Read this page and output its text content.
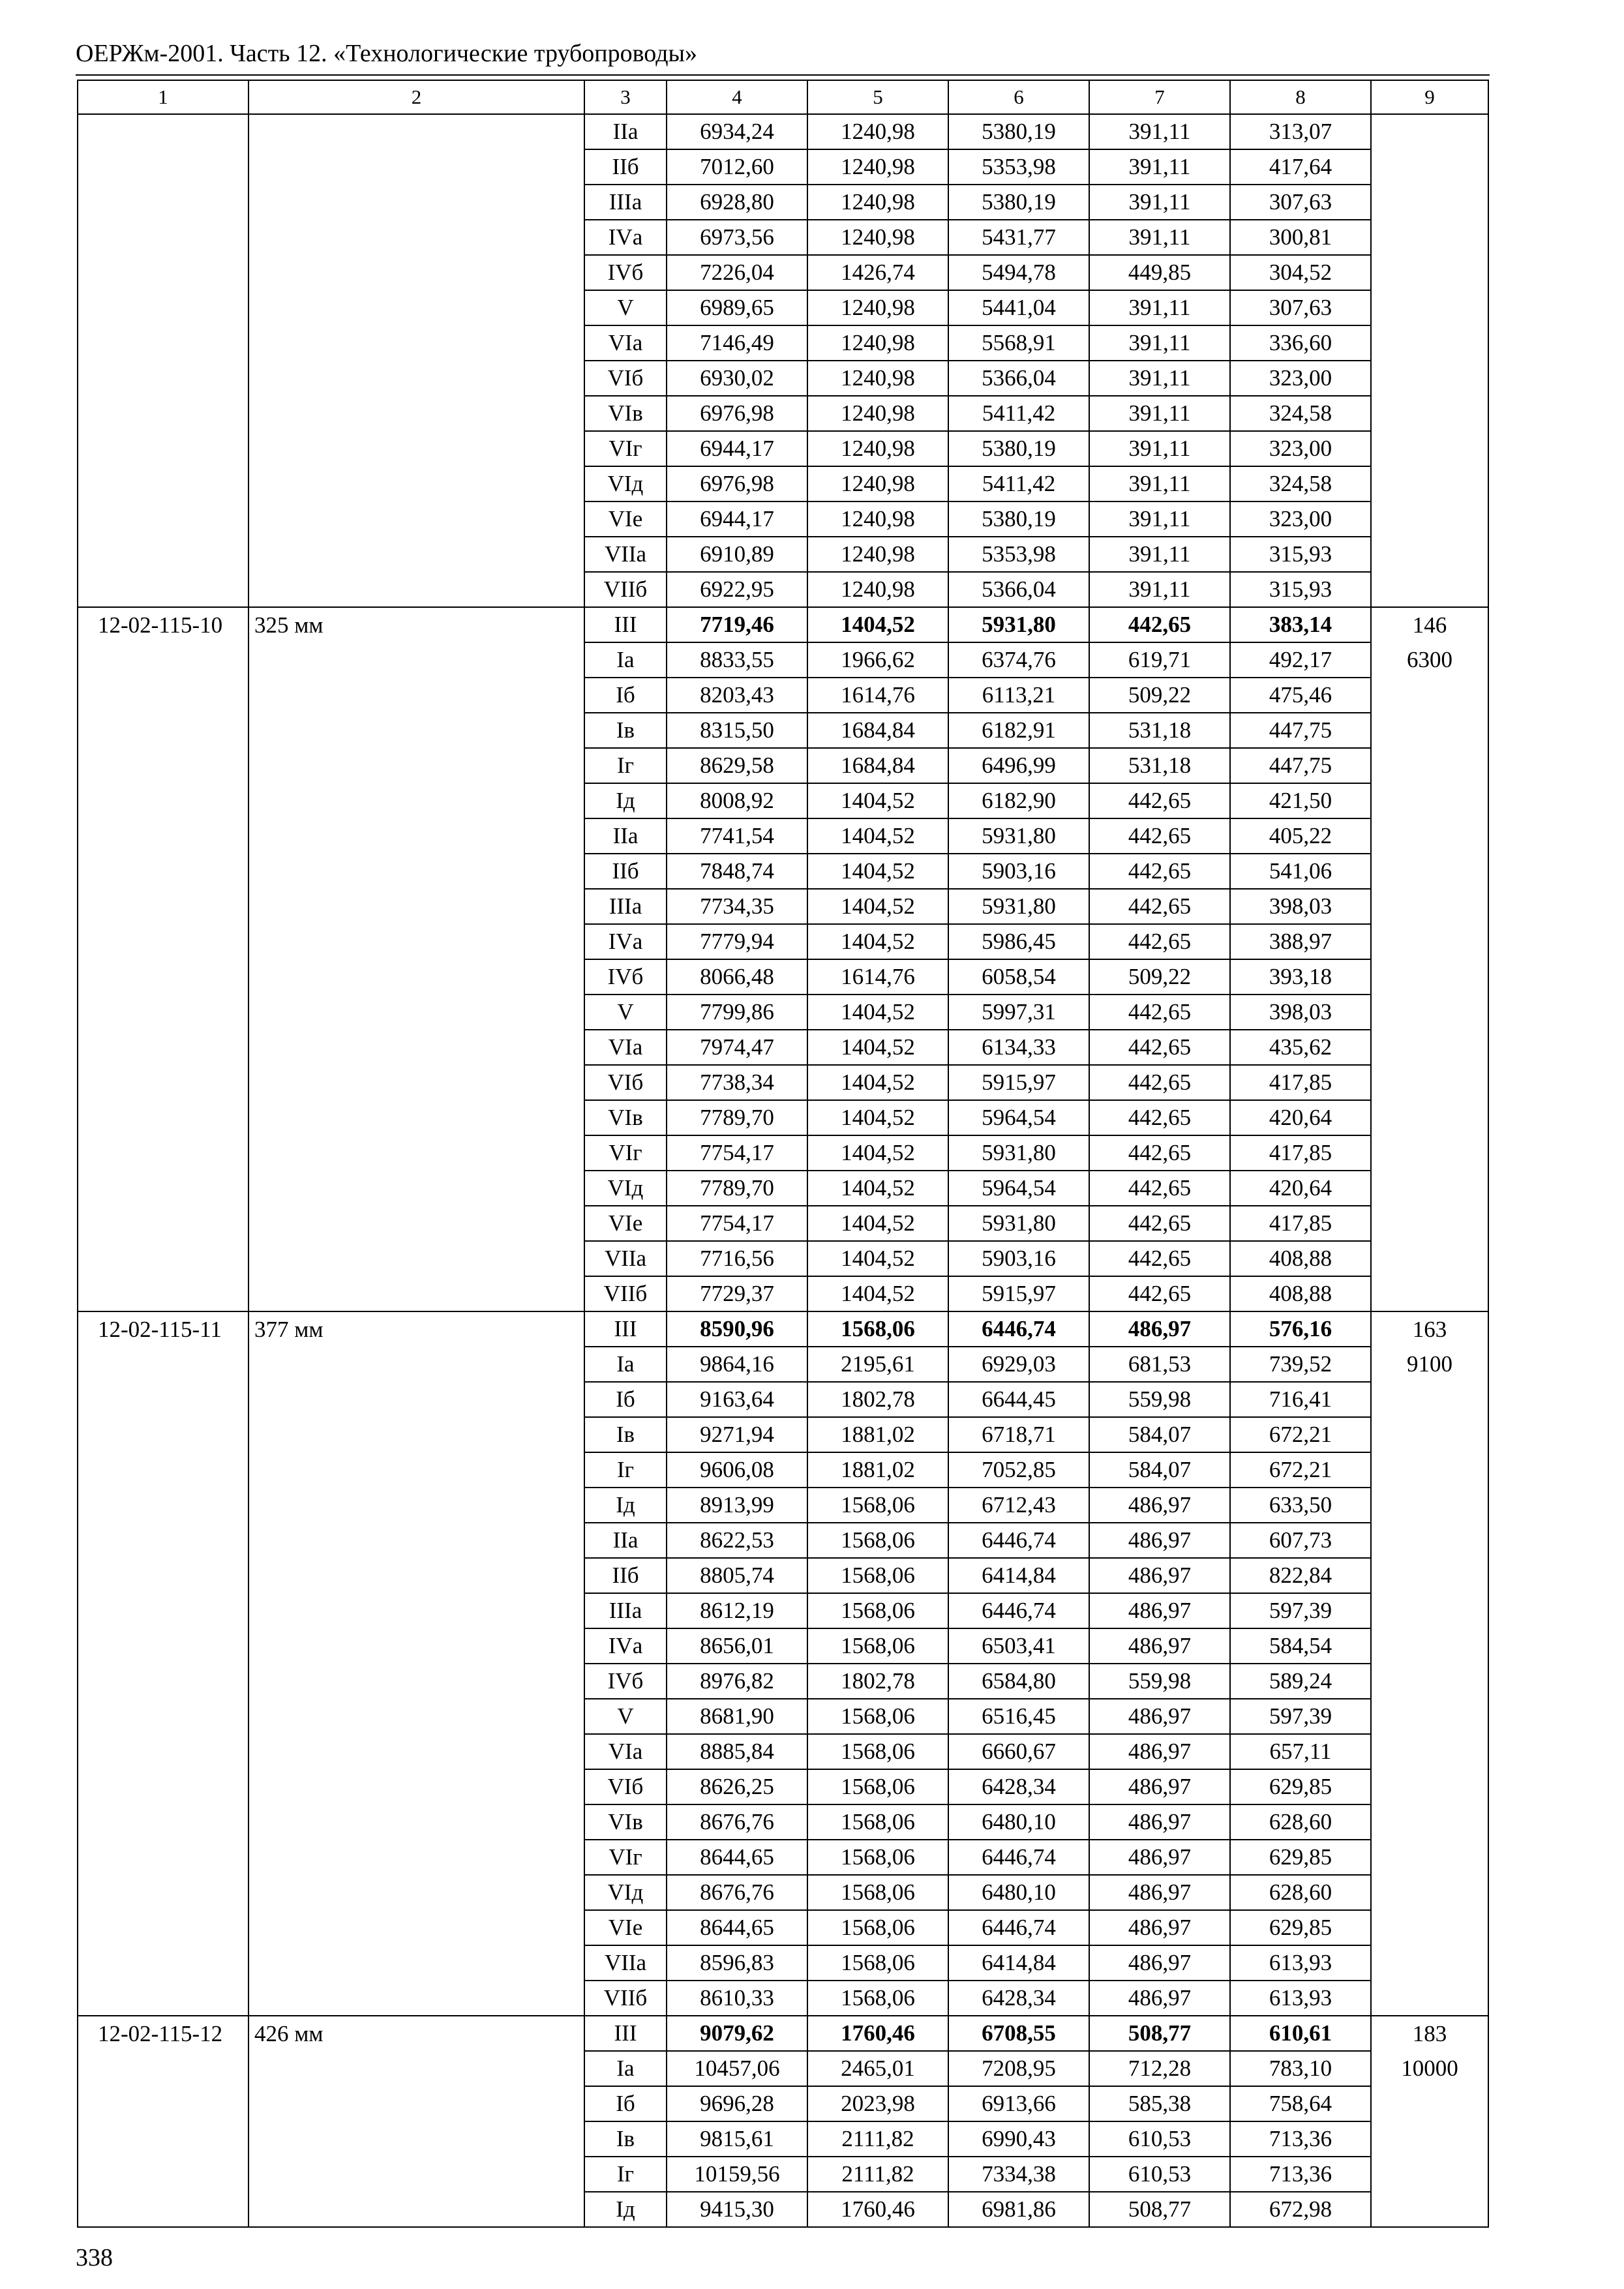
ОЕРЖм-2001. Часть 12. «Технологические трубопроводы»
1	2	3	4	5	6	7	8	9
		IIа	6934,24	1240,98	5380,19	391,11	313,07	
		IIб	7012,60	1240,98	5353,98	391,11	417,64	
		IIIа	6928,80	1240,98	5380,19	391,11	307,63	
		IVа	6973,56	1240,98	5431,77	391,11	300,81	
		IVб	7226,04	1426,74	5494,78	449,85	304,52	
		V	6989,65	1240,98	5441,04	391,11	307,63	
		VIа	7146,49	1240,98	5568,91	391,11	336,60	
		VIб	6930,02	1240,98	5366,04	391,11	323,00	
		VIв	6976,98	1240,98	5411,42	391,11	324,58	
		VIг	6944,17	1240,98	5380,19	391,11	323,00	
		VIд	6976,98	1240,98	5411,42	391,11	324,58	
		VIе	6944,17	1240,98	5380,19	391,11	323,00	
		VIIа	6910,89	1240,98	5353,98	391,11	315,93	
		VIIб	6922,95	1240,98	5366,04	391,11	315,93	
12-02-115-10	325 мм	III	7719,46	1404,52	5931,80	442,65	383,14	146
		Iа	8833,55	1966,62	6374,76	619,71	492,17	6300
		Iб	8203,43	1614,76	6113,21	509,22	475,46	
		Iв	8315,50	1684,84	6182,91	531,18	447,75	
		Iг	8629,58	1684,84	6496,99	531,18	447,75	
		Iд	8008,92	1404,52	6182,90	442,65	421,50	
		IIа	7741,54	1404,52	5931,80	442,65	405,22	
		IIб	7848,74	1404,52	5903,16	442,65	541,06	
		IIIа	7734,35	1404,52	5931,80	442,65	398,03	
		IVа	7779,94	1404,52	5986,45	442,65	388,97	
		IVб	8066,48	1614,76	6058,54	509,22	393,18	
		V	7799,86	1404,52	5997,31	442,65	398,03	
		VIа	7974,47	1404,52	6134,33	442,65	435,62	
		VIб	7738,34	1404,52	5915,97	442,65	417,85	
		VIв	7789,70	1404,52	5964,54	442,65	420,64	
		VIг	7754,17	1404,52	5931,80	442,65	417,85	
		VIд	7789,70	1404,52	5964,54	442,65	420,64	
		VIе	7754,17	1404,52	5931,80	442,65	417,85	
		VIIа	7716,56	1404,52	5903,16	442,65	408,88	
		VIIб	7729,37	1404,52	5915,97	442,65	408,88	
12-02-115-11	377 мм	III	8590,96	1568,06	6446,74	486,97	576,16	163
		Iа	9864,16	2195,61	6929,03	681,53	739,52	9100
		Iб	9163,64	1802,78	6644,45	559,98	716,41	
		Iв	9271,94	1881,02	6718,71	584,07	672,21	
		Iг	9606,08	1881,02	7052,85	584,07	672,21	
		Iд	8913,99	1568,06	6712,43	486,97	633,50	
		IIа	8622,53	1568,06	6446,74	486,97	607,73	
		IIб	8805,74	1568,06	6414,84	486,97	822,84	
		IIIа	8612,19	1568,06	6446,74	486,97	597,39	
		IVа	8656,01	1568,06	6503,41	486,97	584,54	
		IVб	8976,82	1802,78	6584,80	559,98	589,24	
		V	8681,90	1568,06	6516,45	486,97	597,39	
		VIа	8885,84	1568,06	6660,67	486,97	657,11	
		VIб	8626,25	1568,06	6428,34	486,97	629,85	
		VIв	8676,76	1568,06	6480,10	486,97	628,60	
		VIг	8644,65	1568,06	6446,74	486,97	629,85	
		VIд	8676,76	1568,06	6480,10	486,97	628,60	
		VIе	8644,65	1568,06	6446,74	486,97	629,85	
		VIIа	8596,83	1568,06	6414,84	486,97	613,93	
		VIIб	8610,33	1568,06	6428,34	486,97	613,93	
12-02-115-12	426 мм	III	9079,62	1760,46	6708,55	508,77	610,61	183
		Iа	10457,06	2465,01	7208,95	712,28	783,10	10000
		Iб	9696,28	2023,98	6913,66	585,38	758,64	
		Iв	9815,61	2111,82	6990,43	610,53	713,36	
		Iг	10159,56	2111,82	7334,38	610,53	713,36	
		Iд	9415,30	1760,46	6981,86	508,77	672,98	
338
